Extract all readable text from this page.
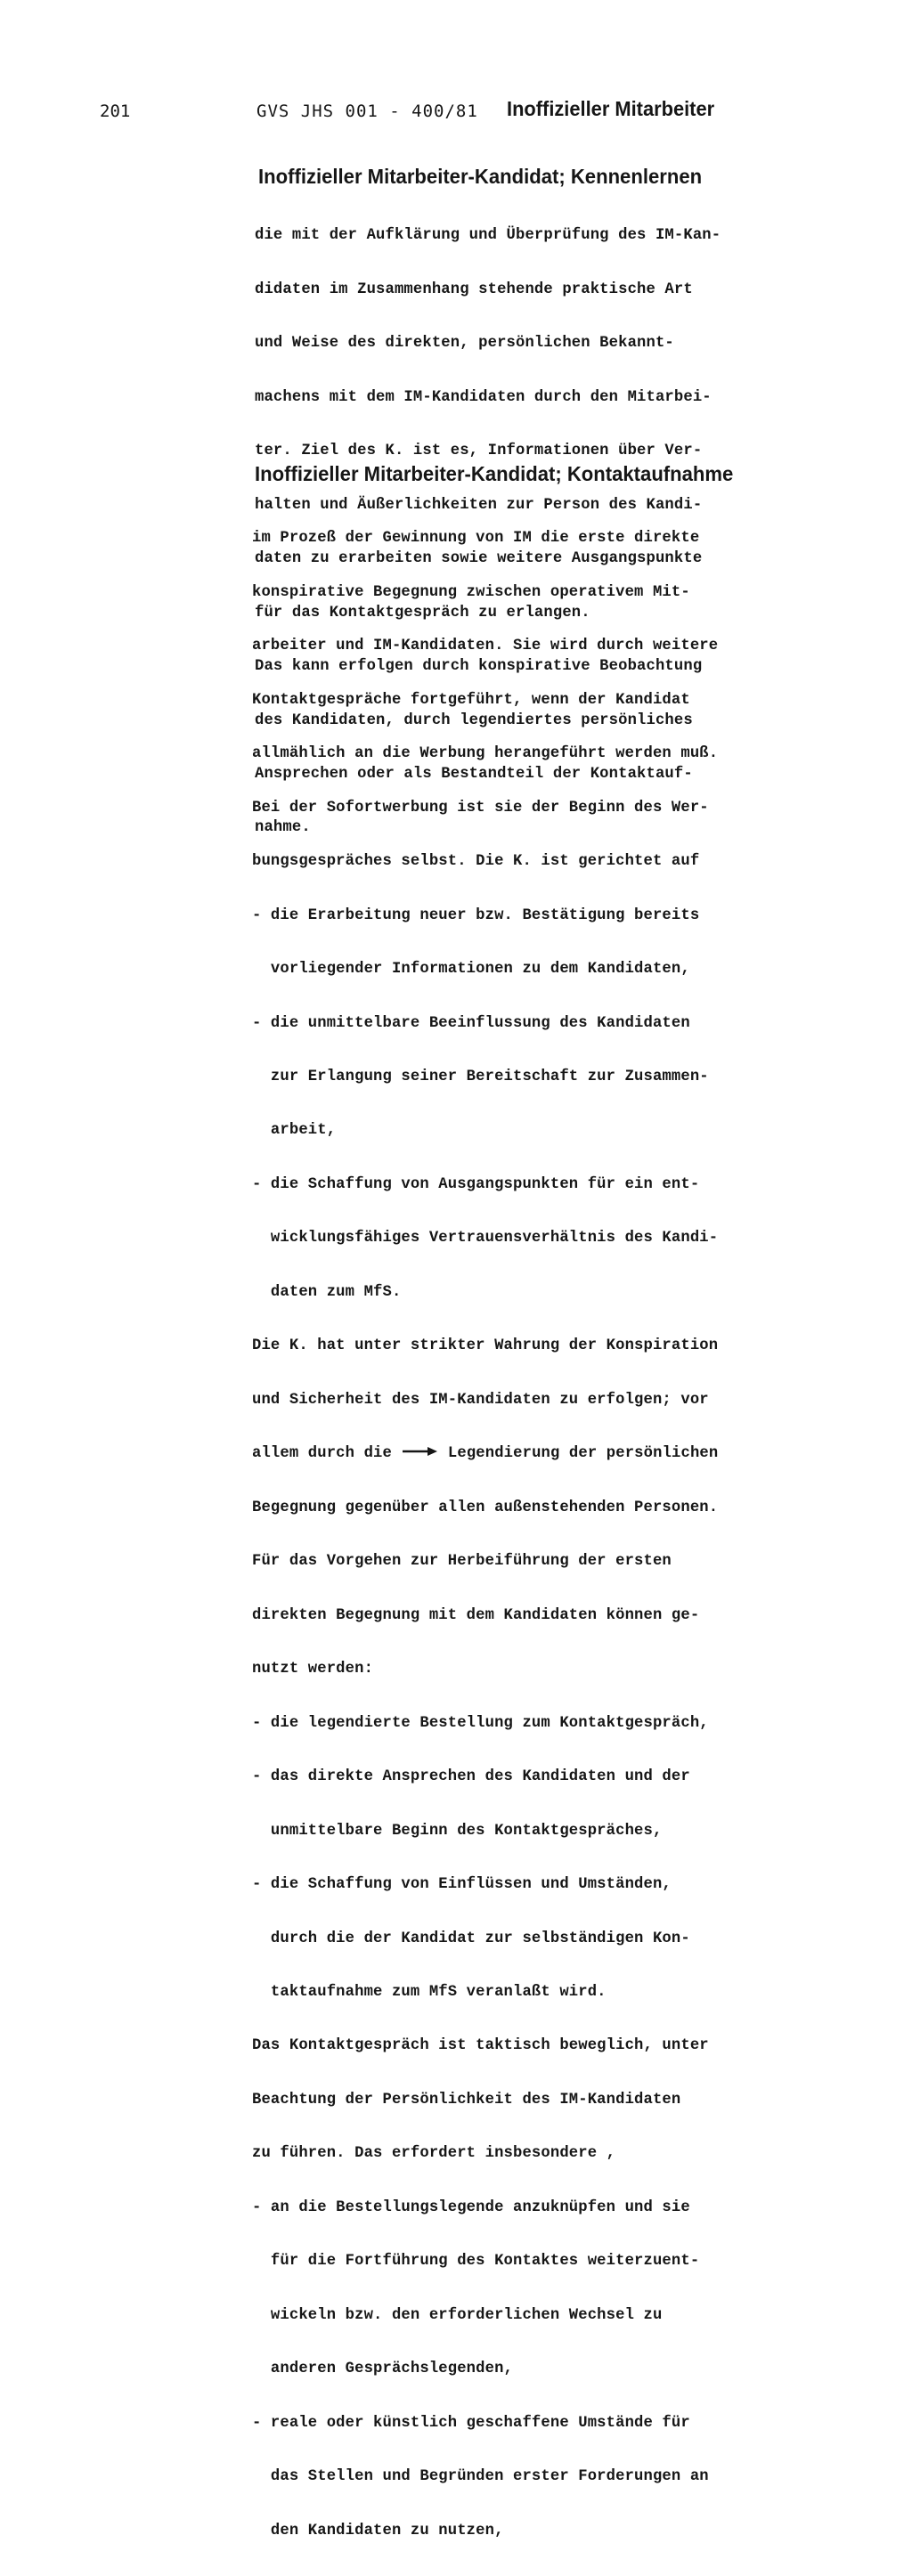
201	GVS JHS 001 - 400/81 Inoffizieller Mitarbeiter
Inoffizieller Mitarbeiter-Kandidat; Kennenlernen

die mit der Aufklärung und Überprüfung des IM-Kan-

didaten im Zusammenhang stehende praktische Art

und Weise des direkten, persönlichen Bekannt-

machens mit dem IM-Kandidaten durch den Mitarbei-

ter. Ziel des K. ist es, Informationen über Ver-

halten und Äußerlichkeiten zur Person des Kandi-

daten zu erarbeiten sowie weitere Ausgangspunkte

für das Kontaktgespräch zu erlangen.

Das kann erfolgen durch konspirative Beobachtung

des Kandidaten, durch legendiertes persönliches

Ansprechen oder als Bestandteil der Kontaktauf-

nahme.

Inoffizieller Mitarbeiter-Kandidat; Kontaktaufnahme

im Prozeß der Gewinnung von IM die erste direkte

konspirative Begegnung zwischen operativem Mit-

arbeiter und IM-Kandidaten. Sie wird durch weitere

Kontaktgespräche fortgeführt, wenn der Kandidat

allmählich an die Werbung herangeführt werden muß.

Bei der Sofortwerbung ist sie der Beginn des Wer-

bungsgespräches selbst. Die K. ist gerichtet auf

- die Erarbeitung neuer bzw. Bestätigung bereits

vorliegender Informationen zu dem Kandidaten,

- die unmittelbare Beeinflussung des Kandidaten

zur Erlangung seiner Bereitschaft zur Zusammen-

arbeit,

- die Schaffung von Ausgangspunkten für ein ent-

wicklungsfähiges Vertrauensverhältnis des Kandi-

daten zum MfS.

Die K. hat unter strikter Wahrung der Konspiration

und Sicherheit des IM-Kandidaten zu erfolgen; vor

allem durch die  Legendierung der persönlichen

Begegnung gegenüber allen außenstehenden Personen.

Für das Vorgehen zur Herbeiführung der ersten

direkten Begegnung mit dem Kandidaten können ge-

nutzt werden:

- die legendierte Bestellung zum Kontaktgespräch,

- das direkte Ansprechen des Kandidaten und der

unmittelbare Beginn des Kontaktgespräches,

- die Schaffung von Einflüssen und Umständen,

durch die der Kandidat zur selbständigen Kon-

taktaufnahme zum MfS veranlaßt wird.

Das Kontaktgespräch ist taktisch beweglich, unter

Beachtung der Persönlichkeit des IM-Kandidaten

zu führen. Das erfordert insbesondere ,

- an die Bestellungslegende anzuknüpfen und sie

für die Fortführung des Kontaktes weiterzuent-

wickeln bzw. den erforderlichen Wechsel zu

anderen Gesprächslegenden,

- reale oder künstlich geschaffene Umstände für

das Stellen und Begründen erster Forderungen an

den Kandidaten zu nutzen,
